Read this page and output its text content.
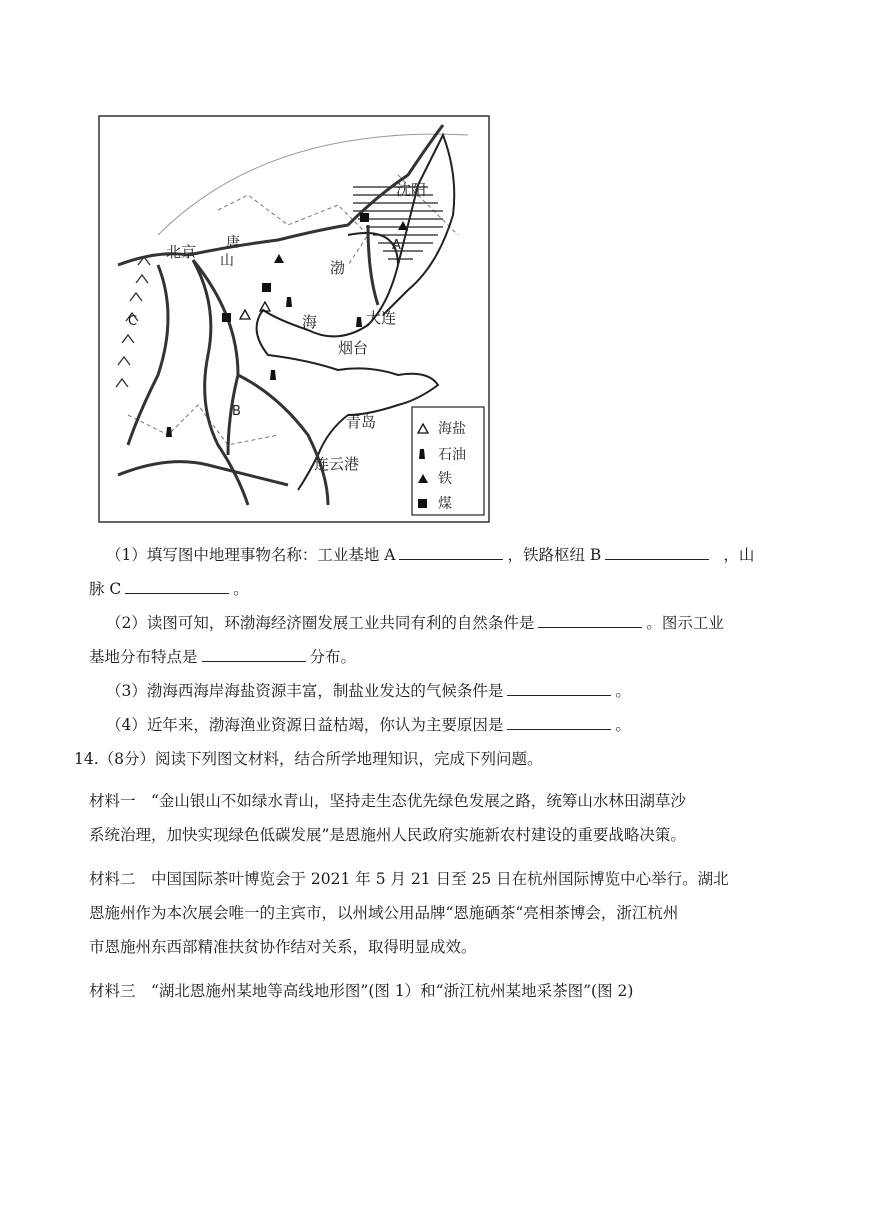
沈阳
北京 唐
山	渤
海	大连
烟台
青岛
连云港
A
B
C
海盐
石油
铁
煤
（1）填写图中地理事物名称：工业基地 A	，铁路枢纽 B	，山
脉 C	。
（2）读图可知，环渤海经济圈发展工业共同有利的自然条件是	。图示工业
基地分布特点是	分布。
（3）渤海西海岸海盐资源丰富，制盐业发达的气候条件是	。
（4）近年来，渤海渔业资源日益枯竭，你认为主要原因是	。
14.（8分）阅读下列图文材料，结合所学地理知识，完成下列问题。
材料一　“金山银山不如绿水青山，坚持走生态优先绿色发展之路，统筹山水林田湖草沙
系统治理，加快实现绿色低碳发展”是恩施州人民政府实施新农村建设的重要战略决策。
材料二　中国国际茶叶博览会于 2021 年 5 月 21 日至 25 日在杭州国际博览中心举行。湖北
恩施州作为本次展会唯一的主宾市，以州域公用品牌“恩施硒茶“亮相茶博会，浙江杭州
市恩施州东西部精准扶贫协作结对关系，取得明显成效。
材料三　“湖北恩施州某地等高线地形图”(图 1）和“浙江杭州某地采茶图”(图 2)
